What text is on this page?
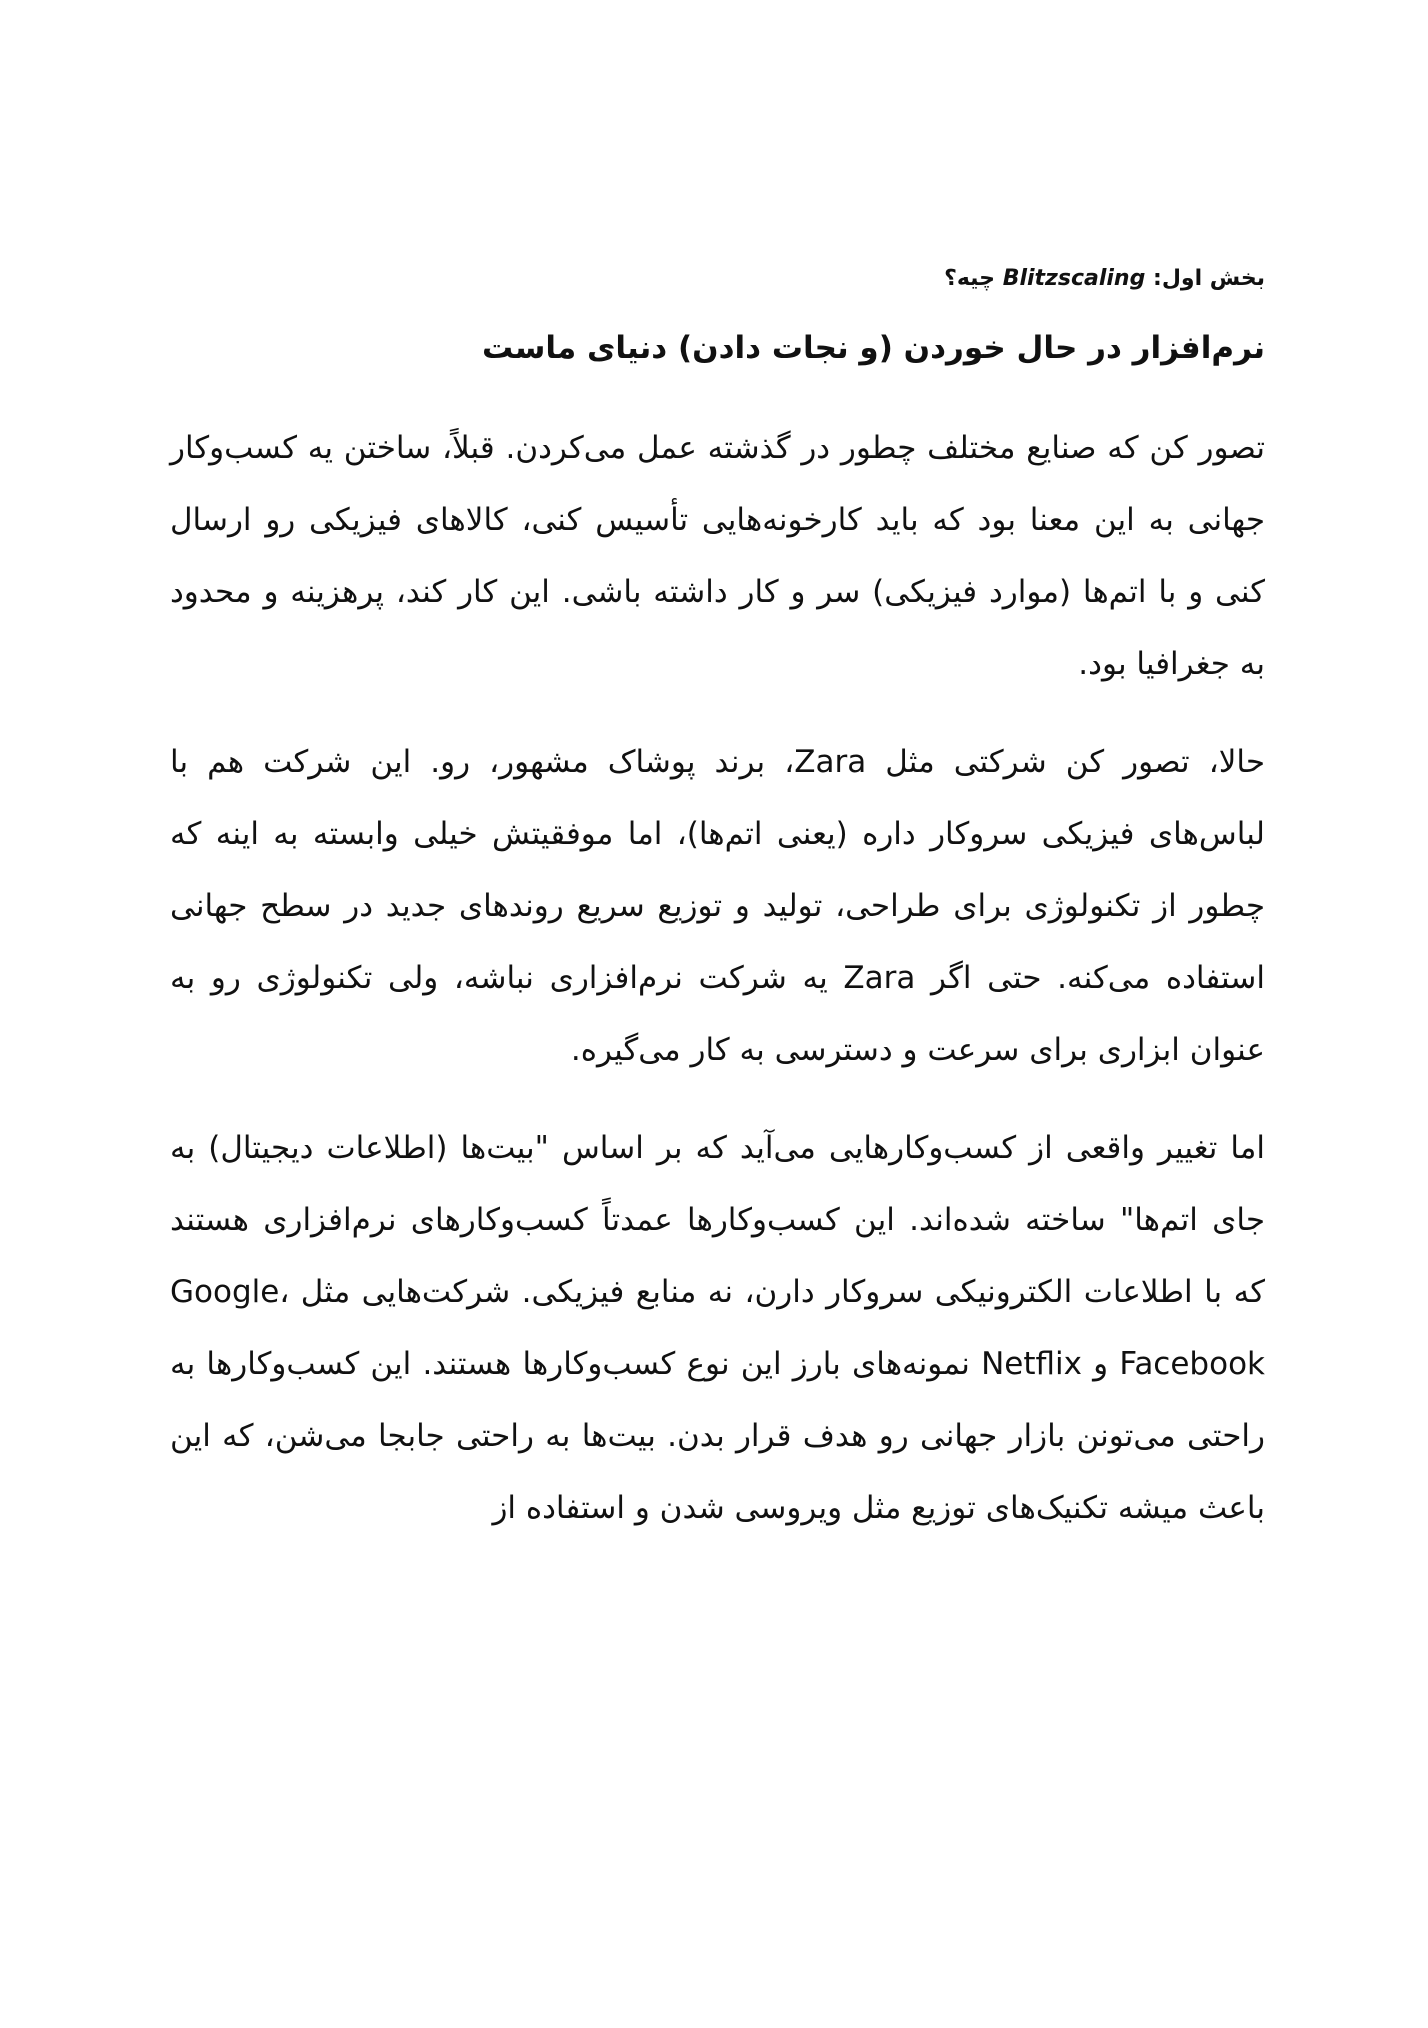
بخش اول: Blitzscaling چیه؟
نرم‌افزار در حال خوردن (و نجات دادن) دنیای ماست

تصور کن که صنایع مختلف چطور در گذشته عمل می‌کردن. قبلاً، ساختن یه کسب‌وکار جهانی به این معنا بود که باید کارخونه‌هایی تأسیس کنی، کالاهای فیزیکی رو ارسال کنی و با اتم‌ها (موارد فیزیکی) سر و کار داشته باشی. این کار کند، پرهزینه و محدود به جغرافیا بود.

حالا، تصور کن شرکتی مثل Zara، برند پوشاک مشهور، رو. این شرکت هم با لباس‌های فیزیکی سروکار داره (یعنی اتم‌ها)، اما موفقیتش خیلی وابسته به اینه که چطور از تکنولوژی برای طراحی، تولید و توزیع سریع روندهای جدید در سطح جهانی استفاده می‌کنه. حتی اگر Zara یه شرکت نرم‌افزاری نباشه، ولی تکنولوژی رو به عنوان ابزاری برای سرعت و دسترسی به کار می‌گیره.

اما تغییر واقعی از کسب‌وکارهایی می‌آید که بر اساس "بیت‌ها (اطلاعات دیجیتال) به جای اتم‌ها" ساخته شده‌اند. این کسب‌وکارها عمدتاً کسب‌وکارهای نرم‌افزاری هستند که با اطلاعات الکترونیکی سروکار دارن، نه منابع فیزیکی. شرکت‌هایی مثل Google، Facebook و Netflix نمونه‌های بارز این نوع کسب‌وکارها هستند. این کسب‌وکارها به راحتی می‌تونن بازار جهانی رو هدف قرار بدن. بیت‌ها به راحتی جابجا می‌شن، که این باعث میشه تکنیک‌های توزیع مثل ویروسی شدن و استفاده از
